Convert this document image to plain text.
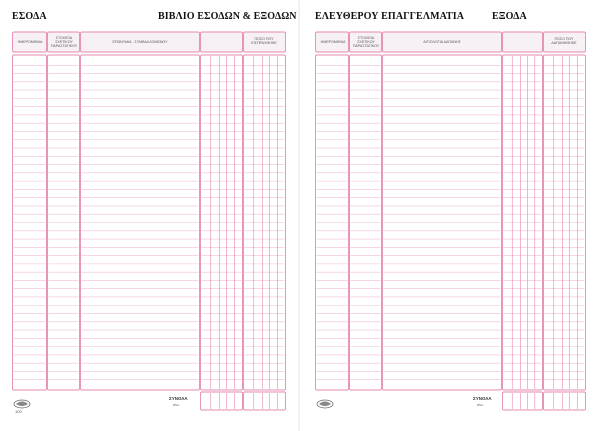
ΕΣΟΔΑ	ΒΙΒΛΙΟ ΕΣΟΔΩΝ & ΕΞΟΔΩΝ
ΗΜΕΡΟΜΗΝΙΑ
ΣΤΟΙΧΕΙΑ
ΣΧΕΤΙΚΟΥ
ΠΑΡΑΣΤΑΤΙΚΟΥ
ΕΠΩΝΥΜΙΑ - ΣΥΜΒΑΛΛΟΜΕΝΟΥ
ΠΟΣΟ ΠΟΥ
ΕΙΣΠΡΑΧΘΗΚΕ
100
ΣΥΝΟΛΑ
σ/ω
ΕΛΕΥΘΕΡΟΥ ΕΠΑΓΓΕΛΜΑΤΙΑ	ΕΞΟΔΑ
ΗΜΕΡΟΜΗΝΙΑ
ΣΤΟΙΧΕΙΑ
ΣΧΕΤΙΚΟΥ
ΠΑΡΑΣΤΑΤΙΚΟΥ
ΑΙΤΙΟΛΟΓΙΑ ΔΑΠΑΝΗΣ
ΠΟΣΟ ΠΟΥ
ΔΑΠΑΝΗΘΗΚΕ
ΣΥΝΟΛΑ
σ/ω
